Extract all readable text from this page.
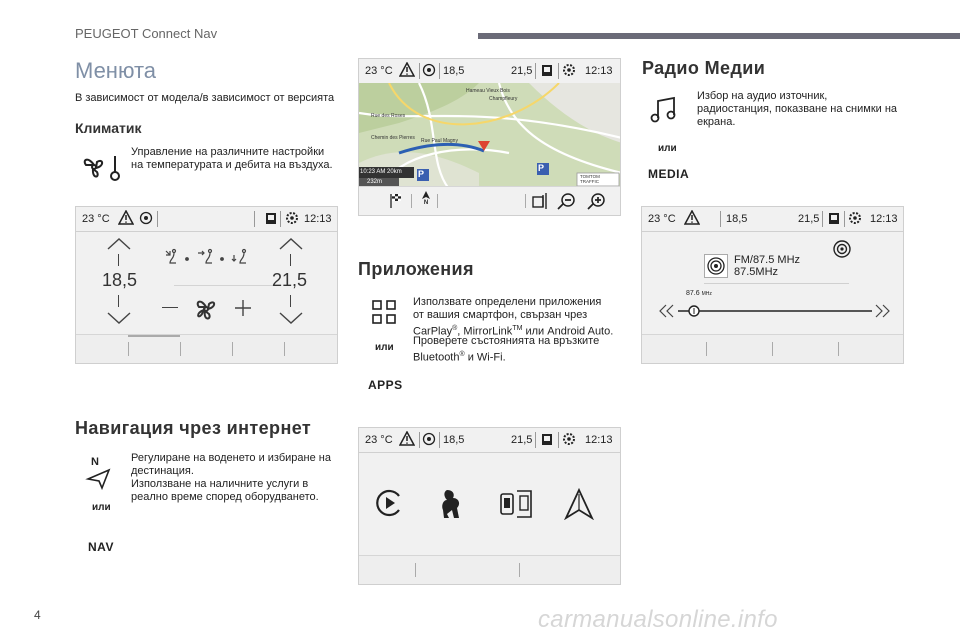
PEUGEOT Connect Nav
Менюта
В зависимост от модела/в зависимост от версията
Климатик
Управление на различните настройки
на температурата и дебита на въздуха.
23 °C	12:13
18,5	21,5
Навигация чрез интернет
N
или
NAV
Регулиране на воденето и избиране на
дестинация.
Използване на наличните услуги в
реално време според оборудването.
23 °C	18,5	21,5	12:13
Hameau Vieux Bois
Rue des Roses
Rue Paul Magny
Champfleury
Chemin des Pierres
10:23 AM 20km
232m
P
P
TOMTOM TRAFFIC
N
Приложения
или
APPS
Използвате определени приложения
от вашия смартфон, свързан чрез
CarPlay®, MirrorLink™ или Android Auto.
Проверете състоянията на връзките
Bluetooth® и Wi-Fi.
23 °C	18,5	21,5	12:13
Радио Медии
или
MEDIA
Избор на аудио източник,
радиостанция, показване на снимки на
екрана.
23 °C	18,5	21,5	12:13
FM/87.5 MHz
87.5MHz
87.6 MHz
4	carmanualsonline.info
